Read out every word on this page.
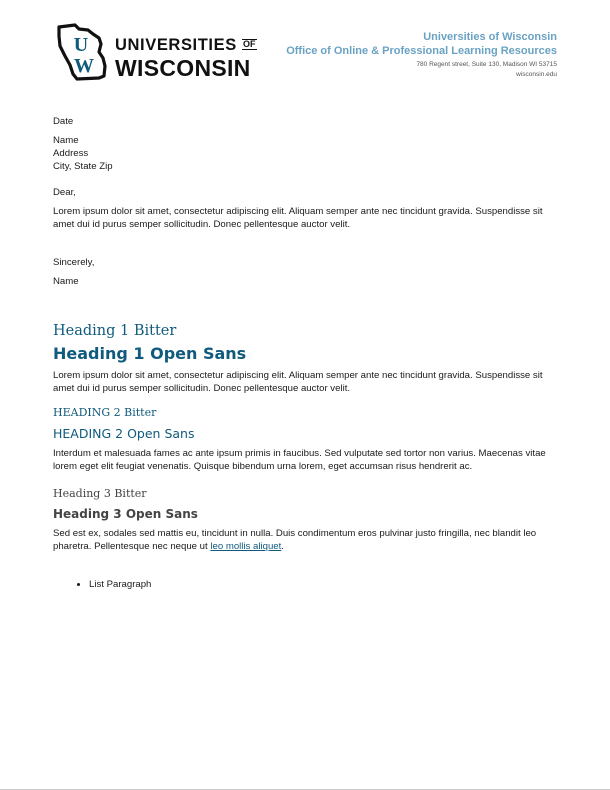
U
W
UNIVERSITIES OF
WISCONSIN
Universities of Wisconsin
Office of Online & Professional Learning Resources
780 Regent street, Suite 130, Madison WI 53715
wisconsin.edu

Date

Name

Address

City, State Zip

Dear,

Lorem ipsum dolor sit amet, consectetur adipiscing elit. Aliquam semper ante nec tincidunt gravida. Suspendisse sit amet dui id purus semper sollicitudin. Donec pellentesque auctor velit.

Sincerely,

Name

Heading 1 Bitter

Heading 1 Open Sans

Lorem ipsum dolor sit amet, consectetur adipiscing elit. Aliquam semper ante nec tincidunt gravida. Suspendisse sit amet dui id purus semper sollicitudin. Donec pellentesque auctor velit.

HEADING 2 Bitter

HEADING 2 Open Sans

Interdum et malesuada fames ac ante ipsum primis in faucibus. Sed vulputate sed tortor non varius. Maecenas vitae lorem eget elit feugiat venenatis. Quisque bibendum urna lorem, eget accumsan risus hendrerit ac.

Heading 3 Bitter

Heading 3 Open Sans

Sed est ex, sodales sed mattis eu, tincidunt in nulla. Duis condimentum eros pulvinar justo fringilla, nec blandit leo pharetra. Pellentesque nec neque ut leo mollis aliquet.

• List Paragraph
